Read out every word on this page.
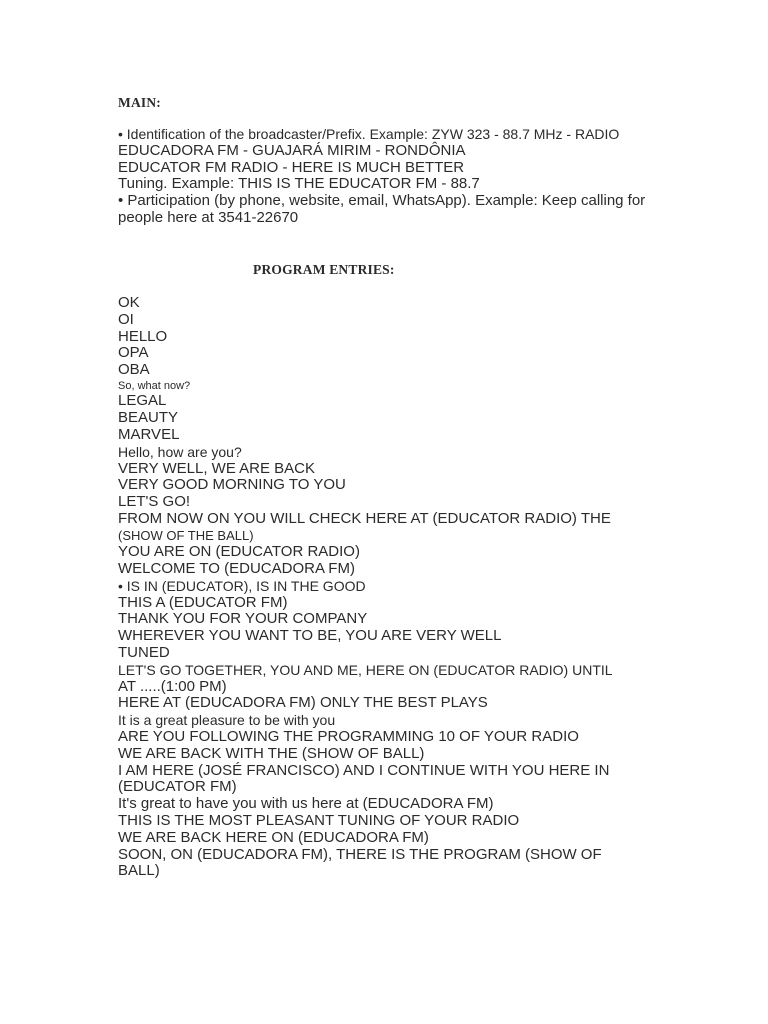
MAIN:

• Identification of the broadcaster/Prefix. Example: ZYW 323 - 88.7 MHz - RADIO

EDUCADORA FM - GUAJARÁ MIRIM - RONDÔNIA

EDUCATOR FM RADIO - HERE IS MUCH BETTER

Tuning. Example: THIS IS THE EDUCATOR FM - 88.7

• Participation (by phone, website, email, WhatsApp). Example: Keep calling for

people here at 3541-22670

PROGRAM ENTRIES:

OK

OI

HELLO

OPA

OBA

So, what now?

LEGAL

BEAUTY

MARVEL

Hello, how are you?

VERY WELL, WE ARE BACK

VERY GOOD MORNING TO YOU

LET'S GO!

FROM NOW ON YOU WILL CHECK HERE AT (EDUCATOR RADIO) THE

(SHOW OF THE BALL)

YOU ARE ON (EDUCATOR RADIO)

WELCOME TO (EDUCADORA FM)

• IS IN (EDUCATOR), IS IN THE GOOD

THIS A (EDUCATOR FM)

THANK YOU FOR YOUR COMPANY

WHEREVER YOU WANT TO BE, YOU ARE VERY WELL

TUNED

LET'S GO TOGETHER, YOU AND ME, HERE ON (EDUCATOR RADIO) UNTIL

AT .....(1:00 PM)

HERE AT (EDUCADORA FM) ONLY THE BEST PLAYS

It is a great pleasure to be with you

ARE YOU FOLLOWING THE PROGRAMMING 10 OF YOUR RADIO

WE ARE BACK WITH THE (SHOW OF BALL)

I AM HERE (JOSÉ FRANCISCO) AND I CONTINUE WITH YOU HERE IN

(EDUCATOR FM)

It's great to have you with us here at (EDUCADORA FM)

THIS IS THE MOST PLEASANT TUNING OF YOUR RADIO

WE ARE BACK HERE ON (EDUCADORA FM)

SOON, ON (EDUCADORA FM), THERE IS THE PROGRAM (SHOW OF

BALL)
